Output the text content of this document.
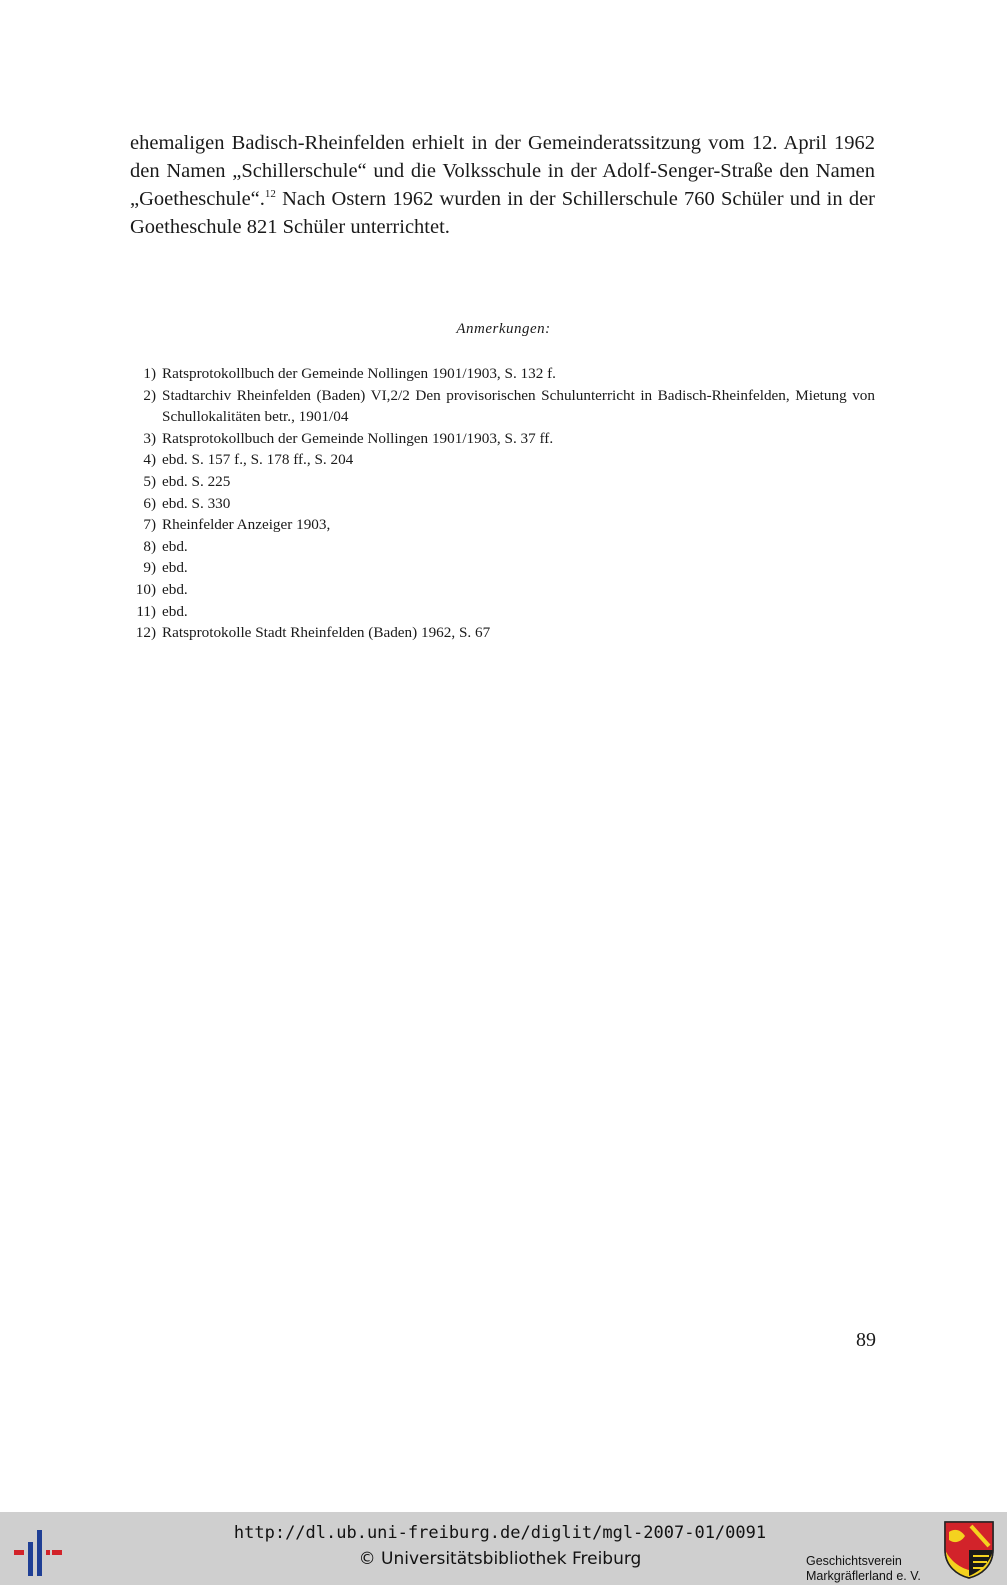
ehemaligen Badisch-Rheinfelden erhielt in der Gemeinderatssitzung vom 12. April 1962 den Namen „Schillerschule“ und die Volksschule in der Adolf-Senger-Straße den Namen „Goetheschule“.$^{12}$ Nach Ostern 1962 wurden in der Schillerschule 760 Schüler und in der Goetheschule 821 Schüler unterrichtet.

Anmerkungen:
1) Ratsprotokollbuch der Gemeinde Nollingen 1901/1903, S. 132 f.
2) Stadtarchiv Rheinfelden (Baden) VI,2/2 Den provisorischen Schulunterricht in Badisch-Rheinfelden, Mietung von Schullokalitäten betr., 1901/04
3) Ratsprotokollbuch der Gemeinde Nollingen 1901/1903, S. 37 ff.
4) ebd. S. 157 f., S. 178 ff., S. 204
5) ebd. S. 225
6) ebd. S. 330
7) Rheinfelder Anzeiger 1903,
8) ebd.
9) ebd.
10) ebd.
11) ebd.
12) Ratsprotokolle Stadt Rheinfelden (Baden) 1962, S. 67
89
http://dl.ub.uni-freiburg.de/diglit/mgl-2007-01/0091
© Universitätsbibliothek Freiburg	Geschichtsverein
Markgräflerland e. V.
